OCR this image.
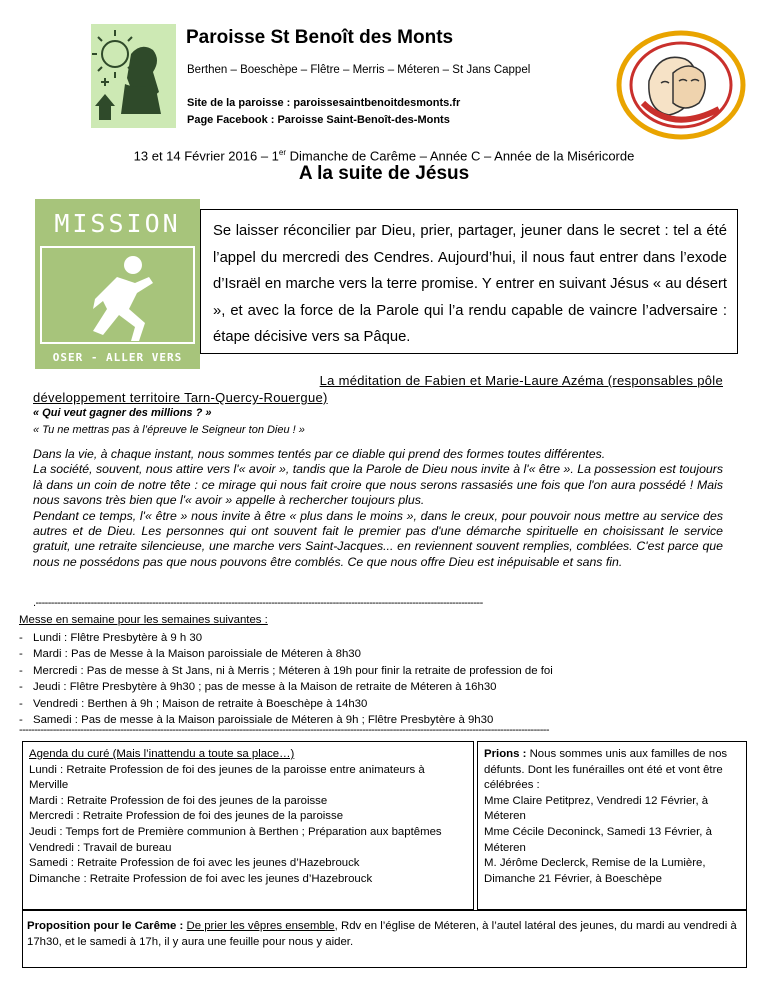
Paroisse St Benoît des Monts
Berthen – Boeschèpe – Flêtre – Merris – Méteren – St Jans Cappel
Site de la paroisse : paroissesaintbenoitdesmonts.fr
Page Facebook : Paroisse Saint-Benoît-des-Monts
13 et 14 Février 2016 – 1er Dimanche de Carême – Année C – Année de la Miséricorde
A la suite de Jésus
MISSION
OSER - ALLER VERS
Se laisser réconcilier par Dieu, prier, partager, jeuner dans le secret : tel a été l’appel du mercredi des Cendres. Aujourd’hui, il nous faut entrer dans l’exode d’Israël en marche vers la terre promise. Y entrer en suivant Jésus « au désert », et avec la force de la Parole qui l’a rendu capable de vaincre l’adversaire : étape décisive vers sa Pâque.
La méditation de Fabien et Marie-Laure Azéma (responsables pôle
développement territoire Tarn-Quercy-Rouergue)
« Qui veut gagner des millions ? »
« Tu ne mettras pas à l’épreuve le Seigneur ton Dieu ! »

Dans la vie, à chaque instant, nous sommes tentés par ce diable qui prend des formes toutes différentes.

La société, souvent, nous attire vers l'« avoir », tandis que la Parole de Dieu nous invite à l'« être ». La possession est toujours là dans un coin de notre tête : ce mirage qui nous fait croire que nous serons rassasiés une fois que l'on aura possédé ! Mais nous savons très bien que l'« avoir » appelle à rechercher toujours plus.

Pendant ce temps, l'« être » nous invite à être « plus dans le moins », dans le creux, pour pouvoir nous mettre au service des autres et de Dieu. Les personnes qui ont souvent fait le premier pas d'une démarche spirituelle en choisissant le service gratuit, une retraite silencieuse, une marche vers Saint-Jacques... en reviennent souvent remplies, comblées. C'est parce que nous ne possédons pas que nous pouvons être comblés. Ce que nous offre Dieu est inépuisable et sans fin.

.--------------------------------------------------------------------------------------------------------------------------------------------------
Messe en semaine pour les semaines suivantes :
- Lundi : Flêtre Presbytère à 9 h 30
- Mardi : Pas de Messe à la Maison paroissiale de Méteren à 8h30
- Mercredi : Pas de messe à St Jans, ni à Merris ; Méteren à 19h pour finir la retraite de profession de foi
- Jeudi : Flêtre Presbytère à 9h30 ; pas de messe à la Maison de retraite de Méteren à 16h30
- Vendredi : Berthen à 9h ; Maison de retraite à Boeschèpe à 14h30
- Samedi : Pas de messe à la Maison paroissiale de Méteren à 9h ; Flêtre Presbytère à 9h30
-----------------------------------------------------------------------------------------------------------------------------------------------------------------------------
Agenda du curé (Mais l’inattendu a toute sa place…)
Lundi : Retraite Profession de foi des jeunes de la paroisse entre animateurs à Merville
Mardi : Retraite Profession de foi des jeunes de la paroisse
Mercredi : Retraite Profession de foi des jeunes de la paroisse
Jeudi : Temps fort de Première communion à Berthen ; Préparation aux baptêmes
Vendredi : Travail de bureau
Samedi : Retraite Profession de foi avec les jeunes d’Hazebrouck
Dimanche : Retraite Profession de foi avec les jeunes d’Hazebrouck
Prions : Nous sommes unis aux familles de nos défunts. Dont les funérailles ont été et vont être célébrées :
Mme Claire Petitprez, Vendredi 12 Février, à Méteren
Mme Cécile Deconinck, Samedi 13 Février, à Méteren
M. Jérôme Declerck, Remise de la Lumière, Dimanche 21 Février, à Boeschèpe
Proposition pour le Carême : De prier les vêpres ensemble, Rdv en l’église de Méteren, à l’autel latéral des jeunes, du mardi au vendredi à 17h30, et le samedi à 17h, il y aura une feuille pour nous y aider.
